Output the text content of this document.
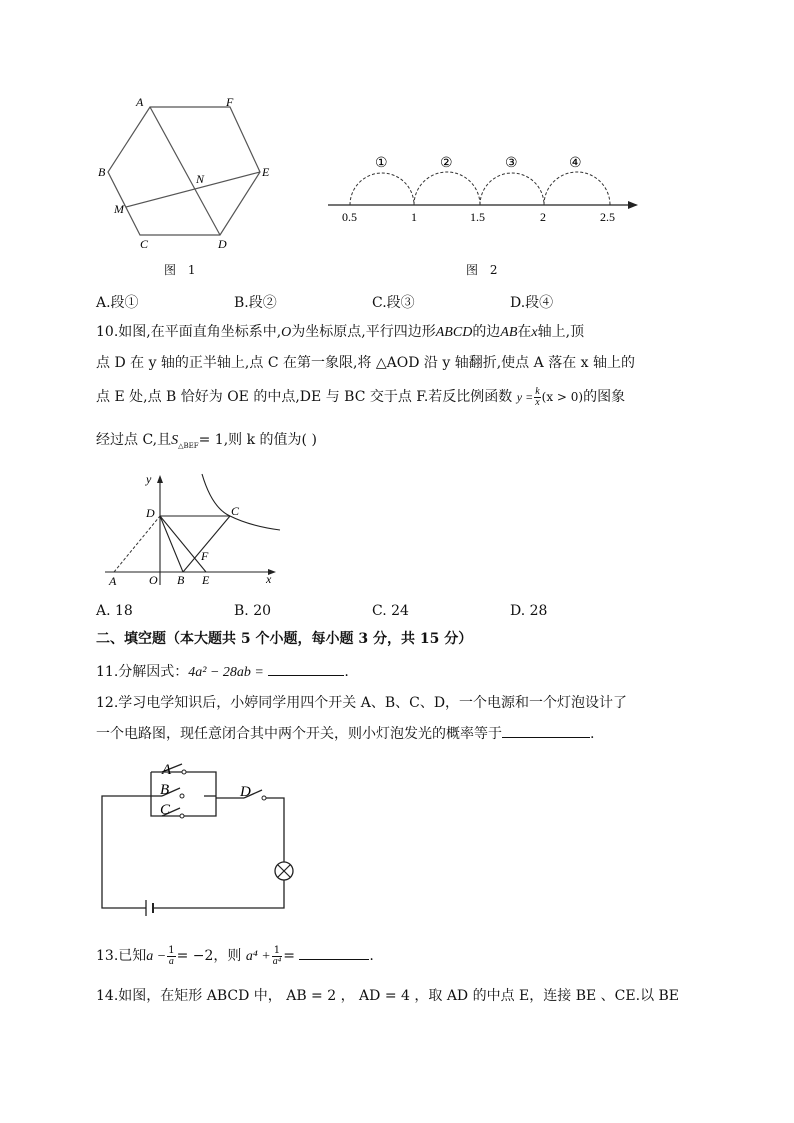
A	F
B	E
N
M
C	D
图 1
①	②	③	④
0.5	1	1.5	2	2.5
图 2
A.段①	B.段②	C.段③	D.段④
10.如图,在平面直角坐标系中,O为坐标原点,平行四边形ABCD的边AB在x轴上,顶
点 D 在 y 轴的正半轴上,点 C 在第一象限,将 △AOD 沿 y 轴翻折,使点 A 落在 x 轴上的
点 E 处,点 B 恰好为 OE 的中点,DE 与 BC 交于点 F.若反比例函数 $y = \frac{k}{x} (x > 0)$的图象
经过点 C,且$S_{\triangle BEF}= 1$,则 k 的值为( )
y
D	C
F
A	O B E	x
A. 18	B. 20	C. 24	D. 28
二、填空题（本大题共 5 个小题，每小题 3 分，共 15 分）
11.分解因式：4a² − 28ab =	.
12.学习电学知识后，小婷同学用四个开关 A、B、C、D，一个电源和一个灯泡设计了
一个电路图，现任意闭合其中两个开关，则小灯泡发光的概率等于	.
A
B
C
D
13.已知$a - \frac{1}{a} = -2$，则 $a^4 + \frac{1}{\text{a⁴}}$ =	.
14.如图，在矩形 ABCD 中， AB = 2 ， AD = 4 ，取 AD 的中点 E，连接 BE 、CE.以 BE
